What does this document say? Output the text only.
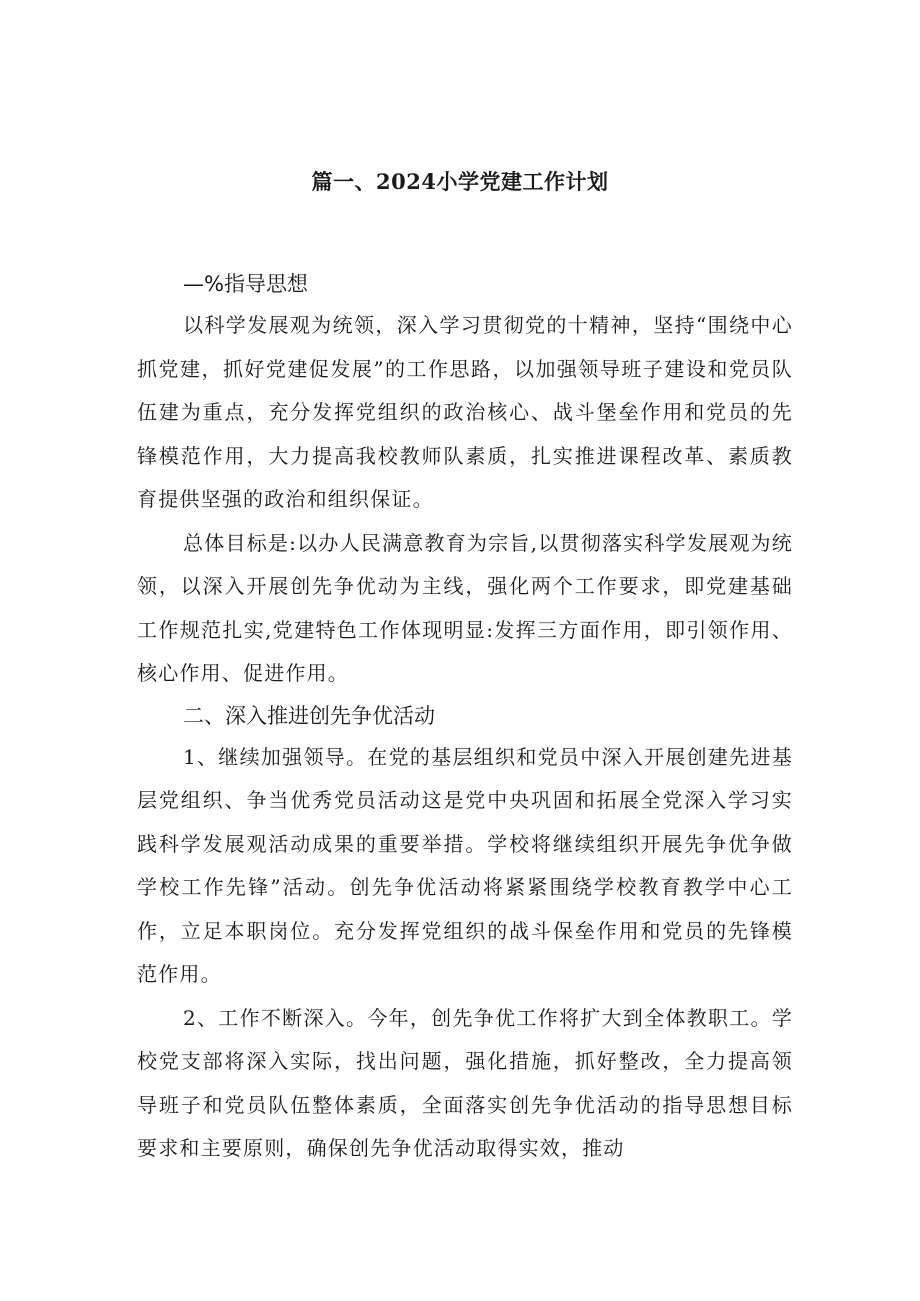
篇一、2024小学党建工作计划

—%指导思想

以科学发展观为统领，深入学习贯彻党的十精神，坚持“围绕中心抓党建，抓好党建促发展”的工作思路，以加强领导班子建设和党员队伍建为重点，充分发挥党组织的政治核心、战斗堡垒作用和党员的先锋模范作用，大力提高我校教师队素质，扎实推进课程改革、素质教育提供坚强的政治和组织保证。

总体目标是:以办人民满意教育为宗旨,以贯彻落实科学发展观为统领，以深入开展创先争优动为主线，强化两个工作要求，即党建基础工作规范扎实,党建特色工作体现明显:发挥三方面作用，即引领作用、核心作用、促进作用。

二、深入推进创先争优活动

1、继续加强领导。在党的基层组织和党员中深入开展创建先进基层党组织、争当优秀党员活动这是党中央巩固和拓展全党深入学习实践科学发展观活动成果的重要举措。学校将继续组织开展先争优争做学校工作先锋”活动。创先争优活动将紧紧围绕学校教育教学中心工作，立足本职岗位。充分发挥党组织的战斗保垒作用和党员的先锋模范作用。

2、工作不断深入。今年，创先争优工作将扩大到全体教职工。学校党支部将深入实际，找出问题，强化措施，抓好整改，全力提高领导班子和党员队伍整体素质，全面落实创先争优活动的指导思想目标要求和主要原则，确保创先争优活动取得实效，推动
